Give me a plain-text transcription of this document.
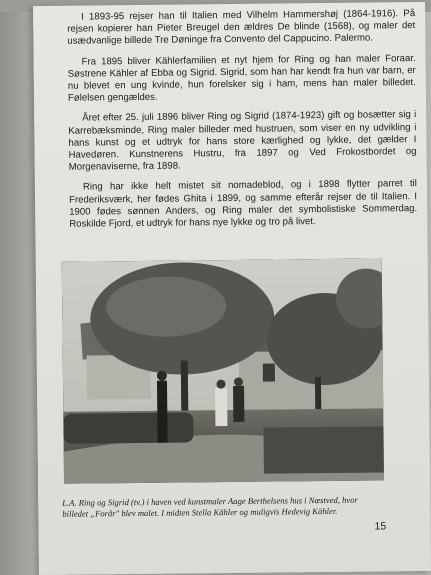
I 1893-95 rejser han til Italien med Vilhelm Hammershøj (1864-1916). På rejsen kopierer han Pieter Breugel den ældres De blinde (1568), og maler det usædvanlige billede Tre Døninge fra Convento del Cappucino. Palermo.

Fra 1895 bliver Kählerfamilien et nyt hjem for Ring og han maler Foraar. Søstrene Kähler af Ebba og Sigrid. Sigrid, som han har kendt fra hun var barn, er nu blevet en ung kvinde, hun forelsker sig i ham, mens han maler billedet. Følelsen gengældes.

Året efter 25. juli 1896 bliver Ring og Sigrid (1874-1923) gift og bosætter sig i Karrebæksminde, Ring maler billeder med hustruen, som viser en ny udvikling i hans kunst og et udtryk for hans store kærlighed og lykke, det gælder I Havedøren. Kunstnerens Hustru, fra 1897 og Ved Frokostbordet og Morgenaviserne, fra 1898.

Ring har ikke helt mistet sit nomadeblod, og i 1898 flytter parret til Frederiksværk, her fødes Ghita i 1899, og samme efterår rejser de til Italien. I 1900 fødes sønnen Anders, og Ring maler det symbolistiske Sommerdag. Roskilde Fjord, et udtryk for hans nye lykke og tro på livet.

L.A. Ring og Sigrid (tv.) i haven ved kunstmaler Aage Berthelsens hus i Næstved, hvor billedet „Forår" blev malet. I midten Stella Kähler og muligvis Hedevig Kähler.
15
